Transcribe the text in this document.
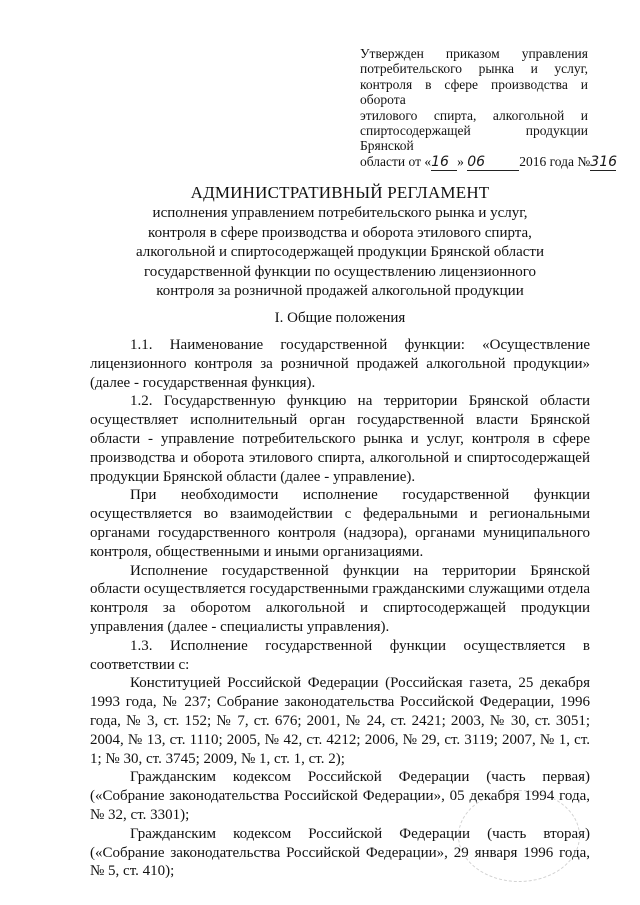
Утвержден приказом управления
потребительского рынка и услуг,
контроля в сфере производства и оборота
этилового спирта, алкогольной и
спиртосодержащей продукции Брянской
области от «16 » 06	2016 года №316
АДМИНИСТРАТИВНЫЙ РЕГЛАМЕНТ
исполнения управлением потребительского рынка и услуг,
контроля в сфере производства и оборота этилового спирта,
алкогольной и спиртосодержащей продукции Брянской области
государственной функции по осуществлению лицензионного
контроля за розничной продажей алкогольной продукции
I. Общие положения

1.1. Наименование государственной функции: «Осуществление лицензионного контроля за розничной продажей алкогольной продукции» (далее - государственная функция).

1.2. Государственную функцию на территории Брянской области осуществляет исполнительный орган государственной власти Брянской области - управление потребительского рынка и услуг, контроля в сфере производства и оборота этилового спирта, алкогольной и спиртосодержащей продукции Брянской области (далее - управление).

При необходимости исполнение государственной функции осуществляется во взаимодействии с федеральными и региональными органами государственного контроля (надзора), органами муниципального контроля, общественными и иными организациями.

Исполнение государственной функции на территории Брянской области осуществляется государственными гражданскими служащими отдела контроля за оборотом алкогольной и спиртосодержащей продукции управления (далее - специалисты управления).

1.3. Исполнение государственной функции осуществляется в соответствии с:

Конституцией Российской Федерации (Российская газета, 25 декабря 1993 года, № 237; Собрание законодательства Российской Федерации, 1996 года, № 3, ст. 152; № 7, ст. 676; 2001, № 24, ст. 2421; 2003, № 30, ст. 3051; 2004, № 13, ст. 1110; 2005, № 42, ст. 4212; 2006, № 29, ст. 3119; 2007, № 1, ст. 1; № 30, ст. 3745; 2009, № 1, ст. 1, ст. 2);

Гражданским кодексом Российской Федерации (часть первая) («Собрание законодательства Российской Федерации», 05 декабря 1994 года, № 32, ст. 3301);

Гражданским кодексом Российской Федерации (часть вторая) («Собрание законодательства Российской Федерации», 29 января 1996 года, № 5, ст. 410);
